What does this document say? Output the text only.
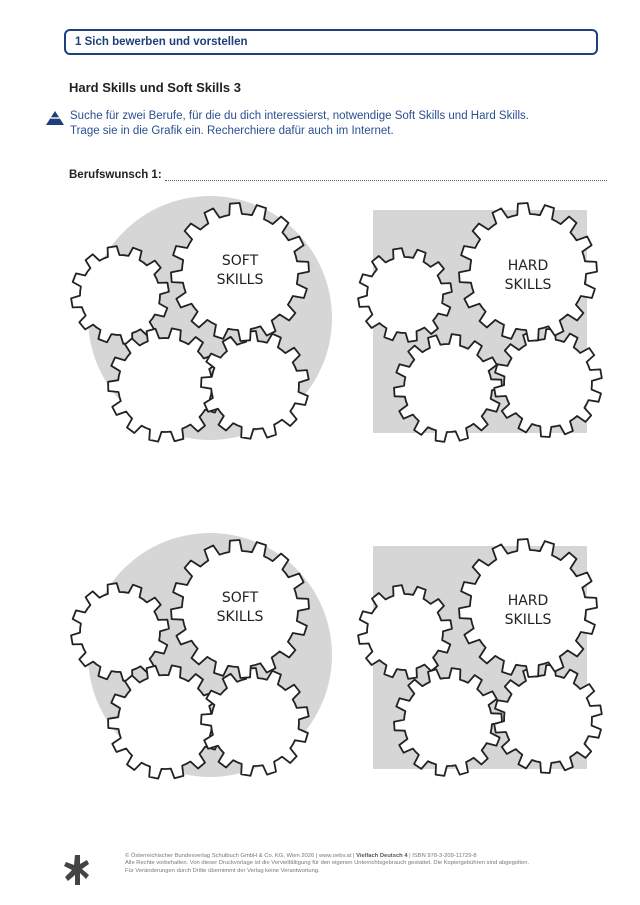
1 Sich bewerben und vorstellen
Hard Skills und Soft Skills 3
Suche für zwei Berufe, für die du dich interessierst, notwendige Soft Skills und Hard Skills.
Trage sie in die Grafik ein. Recherchiere dafür auch im Internet.
Berufswunsch 1:
SOFT
SKILLS
HARD
SKILLS
SOFT
SKILLS
HARD
SKILLS
© Österreichischer Bundesverlag Schulbuch GmbH & Co. KG, Wien 2026 | www.oebv.at | Vielfach Deutsch 4 | ISBN 978-3-209-11729-8
Alle Rechte vorbehalten. Von dieser Druckvorlage ist die Vervielfältigung für den eigenen Unterrichtsgebrauch gestattet. Die Kopiergebühren sind abgegolten.
Für Veränderungen durch Dritte übernimmt der Verlag keine Verantwortung.
